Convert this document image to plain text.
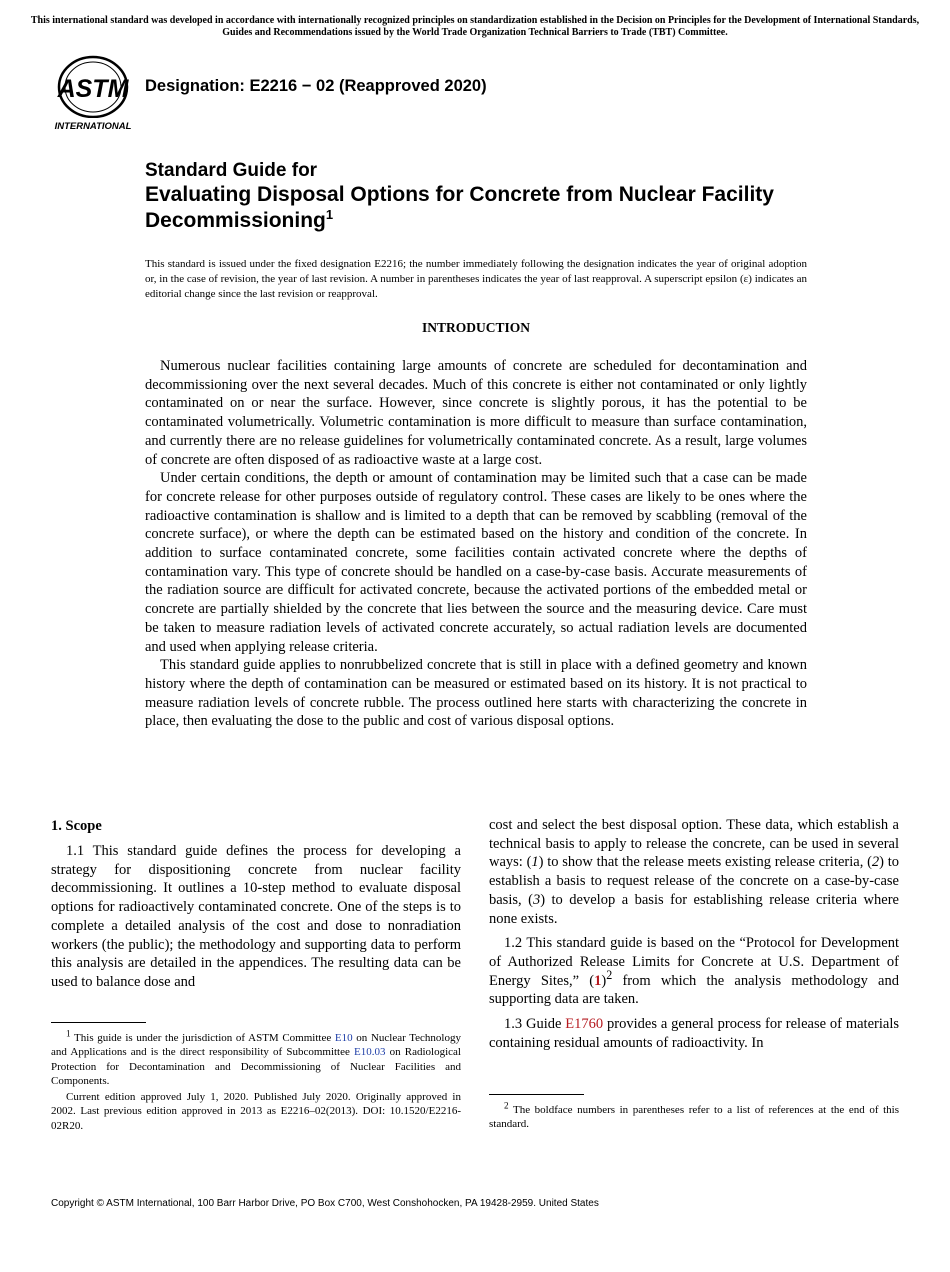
This international standard was developed in accordance with internationally recognized principles on standardization established in the Decision on Principles for the Development of International Standards, Guides and Recommendations issued by the World Trade Organization Technical Barriers to Trade (TBT) Committee.
ASTM
INTERNATIONAL
Designation: E2216 − 02 (Reapproved 2020)
Standard Guide for
Evaluating Disposal Options for Concrete from Nuclear Facility Decommissioning$^1$
This standard is issued under the fixed designation E2216; the number immediately following the designation indicates the year of original adoption or, in the case of revision, the year of last revision. A number in parentheses indicates the year of last reapproval. A superscript epsilon (ε) indicates an editorial change since the last revision or reapproval.
INTRODUCTION

Numerous nuclear facilities containing large amounts of concrete are scheduled for decontamination and decommissioning over the next several decades. Much of this concrete is either not contaminated or only lightly contaminated on or near the surface. However, since concrete is slightly porous, it has the potential to be contaminated volumetrically. Volumetric contamination is more difficult to measure than surface contamination, and currently there are no release guidelines for volumetrically contaminated concrete. As a result, large volumes of concrete are often disposed of as radioactive waste at a large cost.

Under certain conditions, the depth or amount of contamination may be limited such that a case can be made for concrete release for other purposes outside of regulatory control. These cases are likely to be ones where the radioactive contamination is shallow and is limited to a depth that can be removed by scabbling (removal of the concrete surface), or where the depth can be estimated based on the history and condition of the concrete. In addition to surface contaminated concrete, some facilities contain activated concrete where the depths of contamination vary. This type of concrete should be handled on a case-by-case basis. Accurate measurements of the radiation source are difficult for activated concrete, because the activated portions of the embedded metal or concrete are partially shielded by the concrete that lies between the source and the measuring device. Care must be taken to measure radiation levels of activated concrete accurately, so actual radiation levels are documented and used when applying release criteria.

This standard guide applies to nonrubbelized concrete that is still in place with a defined geometry and known history where the depth of contamination can be measured or estimated based on its history. It is not practical to measure radiation levels of concrete rubble. The process outlined here starts with characterizing the concrete in place, then evaluating the dose to the public and cost of various disposal options.

1. Scope

1.1 This standard guide defines the process for developing a strategy for dispositioning concrete from nuclear facility decommissioning. It outlines a 10-step method to evaluate disposal options for radioactively contaminated concrete. One of the steps is to complete a detailed analysis of the cost and dose to nonradiation workers (the public); the methodology and supporting data to perform this analysis are detailed in the appendices. The resulting data can be used to balance dose and

cost and select the best disposal option. These data, which establish a technical basis to apply to release the concrete, can be used in several ways: (1) to show that the release meets existing release criteria, (2) to establish a basis to request release of the concrete on a case-by-case basis, (3) to develop a basis for establishing release criteria where none exists.

1.2 This standard guide is based on the “Protocol for Development of Authorized Release Limits for Concrete at U.S. Department of Energy Sites,” $(1)^2$ from which the analysis methodology and supporting data are taken.

1.3 Guide E1760 provides a general process for release of materials containing residual amounts of radioactivity. In

$^1$ This guide is under the jurisdiction of ASTM Committee E10 on Nuclear Technology and Applications and is the direct responsibility of Subcommittee E10.03 on Radiological Protection for Decontamination and Decommissioning of Nuclear Facilities and Components.

Current edition approved July 1, 2020. Published July 2020. Originally approved in 2002. Last previous edition approved in 2013 as E2216–02(2013). DOI: 10.1520/E2216-02R20.

$^2$ The boldface numbers in parentheses refer to a list of references at the end of this standard.

Copyright © ASTM International, 100 Barr Harbor Drive, PO Box C700, West Conshohocken, PA 19428-2959. United States
